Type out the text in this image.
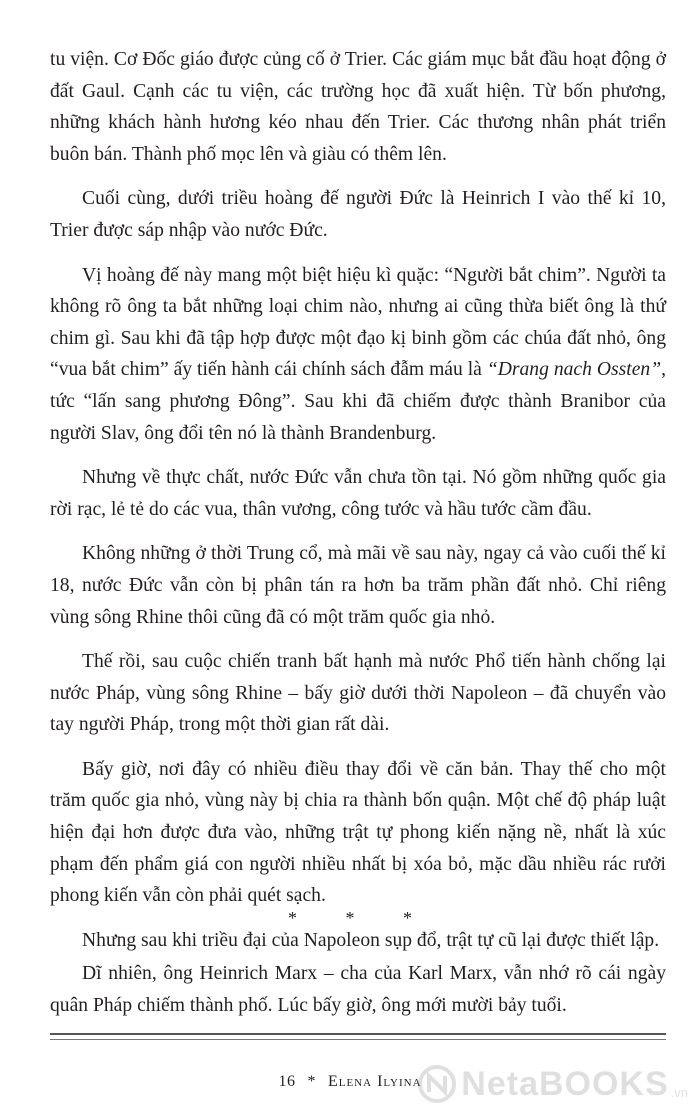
tu viện. Cơ Đốc giáo được củng cố ở Trier. Các giám mục bắt đầu hoạt động ở đất Gaul. Cạnh các tu viện, các trường học đã xuất hiện. Từ bốn phương, những khách hành hương kéo nhau đến Trier. Các thương nhân phát triển buôn bán. Thành phố mọc lên và giàu có thêm lên.

Cuối cùng, dưới triều hoàng đế người Đức là Heinrich I vào thế kỉ 10, Trier được sáp nhập vào nước Đức.

Vị hoàng đế này mang một biệt hiệu kì quặc: “Người bắt chim”. Người ta không rõ ông ta bắt những loại chim nào, nhưng ai cũng thừa biết ông là thứ chim gì. Sau khi đã tập hợp được một đạo kị binh gồm các chúa đất nhỏ, ông “vua bắt chim” ấy tiến hành cái chính sách đẫm máu là “Drang nach Ossten”, tức “lấn sang phương Đông”. Sau khi đã chiếm được thành Branibor của người Slav, ông đổi tên nó là thành Brandenburg.

Nhưng về thực chất, nước Đức vẫn chưa tồn tại. Nó gồm những quốc gia rời rạc, lẻ tẻ do các vua, thân vương, công tước và hầu tước cầm đầu.

Không những ở thời Trung cổ, mà mãi về sau này, ngay cả vào cuối thế kỉ 18, nước Đức vẫn còn bị phân tán ra hơn ba trăm phần đất nhỏ. Chỉ riêng vùng sông Rhine thôi cũng đã có một trăm quốc gia nhỏ.

Thế rồi, sau cuộc chiến tranh bất hạnh mà nước Phổ tiến hành chống lại nước Pháp, vùng sông Rhine – bấy giờ dưới thời Napoleon – đã chuyển vào tay người Pháp, trong một thời gian rất dài.

Bấy giờ, nơi đây có nhiều điều thay đổi về căn bản. Thay thế cho một trăm quốc gia nhỏ, vùng này bị chia ra thành bốn quận. Một chế độ pháp luật hiện đại hơn được đưa vào, những trật tự phong kiến nặng nề, nhất là xúc phạm đến phẩm giá con người nhiều nhất bị xóa bỏ, mặc dầu nhiều rác rưởi phong kiến vẫn còn phải quét sạch.

Nhưng sau khi triều đại của Napoleon sụp đổ, trật tự cũ lại được thiết lập.

* * *

Dĩ nhiên, ông Heinrich Marx – cha của Karl Marx, vẫn nhớ rõ cái ngày quân Pháp chiếm thành phố. Lúc bấy giờ, ông mới mười bảy tuổi.

16 * Elena Ilyina	NetaBOOKS .vn
